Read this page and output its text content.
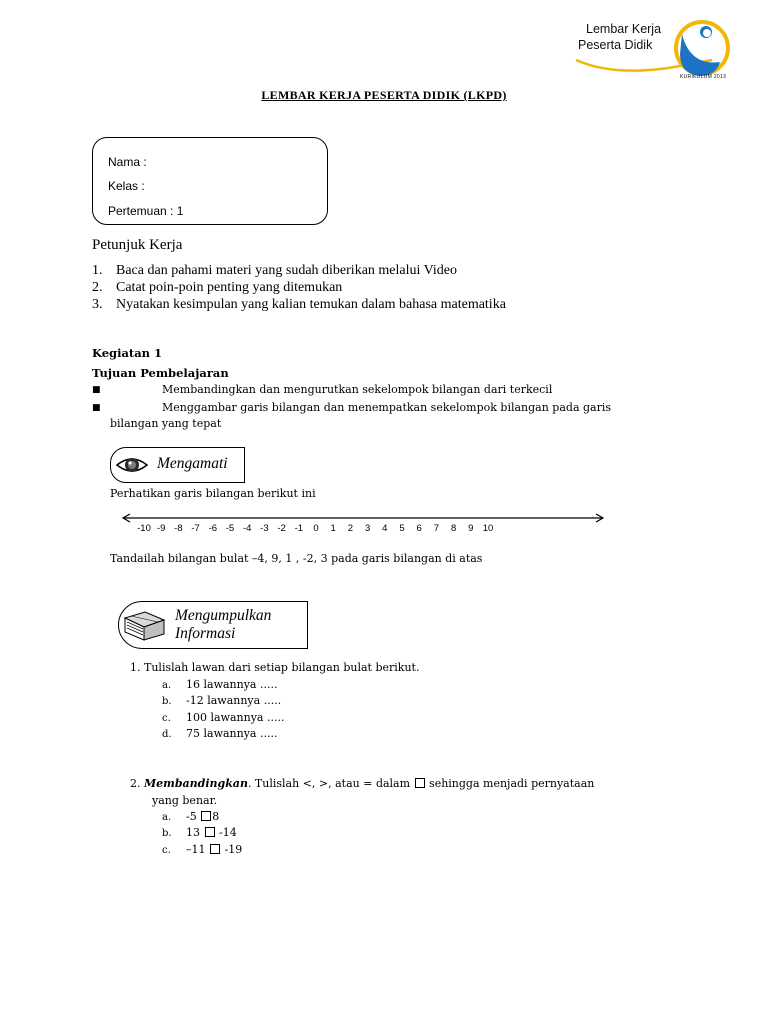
Lembar Kerja
Peserta Didik
KURIKULUM 2013
LEMBAR KERJA PESERTA DIDIK (LKPD)
Nama :
Kelas :
Pertemuan : 1
Petunjuk Kerja
1. Baca dan pahami materi yang sudah diberikan melalui Video
2. Catat poin-poin penting yang ditemukan
3. Nyatakan kesimpulan yang kalian temukan dalam bahasa matematika
Kegiatan 1
Tujuan Pembelajaran
■	Membandingkan dan mengurutkan sekelompok bilangan dari terkecil
■	Menggambar garis bilangan dan menempatkan sekelompok bilangan pada garis
bilangan yang tepat
Mengamati
Perhatikan garis bilangan berikut ini
-10 -9 -8 -7 -6 -5 -4 -3 -2 -1 0 1 2 3 4 5 6 7 8 9 10
Tandailah bilangan bulat –4, 9, 1 , -2, 3 pada garis bilangan di atas
Mengumpulkan
Informasi
1. Tulislah lawan dari setiap bilangan bulat berikut.
a. 16 lawannya .....
b. -12 lawannya .....
c. 100 lawannya .....
d. 75 lawannya .....
2. Membandingkan. Tulislah <, >, atau = dalam  sehingga menjadi pernyataan
yang benar.
a. -5 8
b. 13 -14
c. –11 -19
